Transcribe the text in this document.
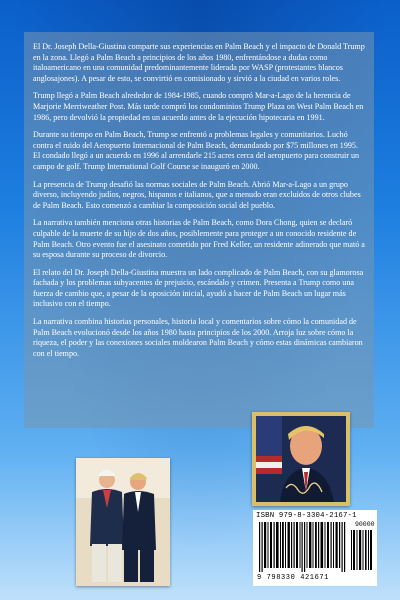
El Dr. Joseph Della-Giustina comparte sus experiencias en Palm Beach y el impacto de Donald Trump en la zona. Llegó a Palm Beach a principios de los años 1980, enfrentándose a dudas como italoamericano en una comunidad predominantemente liderada por WASP (protestantes blancos anglosajones). A pesar de esto, se convirtió en comisionado y sirvió a la ciudad en varios roles.

Trump llegó a Palm Beach alrededor de 1984-1985, cuando compró Mar-a-Lago de la herencia de Marjorie Merriweather Post. Más tarde compró los condominios Trump Plaza on West Palm Beach en 1986, pero devolvió la propiedad en un acuerdo antes de la ejecución hipotecaria en 1991.

Durante su tiempo en Palm Beach, Trump se enfrentó a problemas legales y comunitarios. Luchó contra el ruido del Aeropuerto Internacional de Palm Beach, demandando por $75 millones en 1995. El condado llegó a un acuerdo en 1996 al arrendarle 215 acres cerca del aeropuerto para construir un campo de golf. Trump International Golf Course se inauguró en 2000.

La presencia de Trump desafió las normas sociales de Palm Beach. Abrió Mar-a-Lago a un grupo diverso, incluyendo judíos, negros, hispanos e italianos, que a menudo eran excluidos de otros clubes de Palm Beach. Esto comenzó a cambiar la composición social del pueblo.

La narrativa también menciona otras historias de Palm Beach, como Dora Chong, quien se declaró culpable de la muerte de su hijo de dos años, posiblemente para proteger a un conocido residente de Palm Beach. Otro evento fue el asesinato cometido por Fred Keller, un residente adinerado que mató a su esposa durante su proceso de divorcio.

El relato del Dr. Joseph Della-Giustina muestra un lado complicado de Palm Beach, con su glamorosa fachada y los problemas subyacentes de prejuicio, escándalo y crimen. Presenta a Trump como una fuerza de cambio que, a pesar de la oposición inicial, ayudó a hacer de Palm Beach un lugar más inclusivo con el tiempo.

La narrativa combina historias personales, historia local y comentarios sobre cómo la comunidad de Palm Beach evolucionó desde los años 1980 hasta principios de los 2000. Arroja luz sobre cómo la riqueza, el poder y las conexiones sociales moldearon Palm Beach y cómo estas dinámicas cambiaron con el tiempo.

ISBN 979-8-3304-2167-1
90000
9 798330 421671
